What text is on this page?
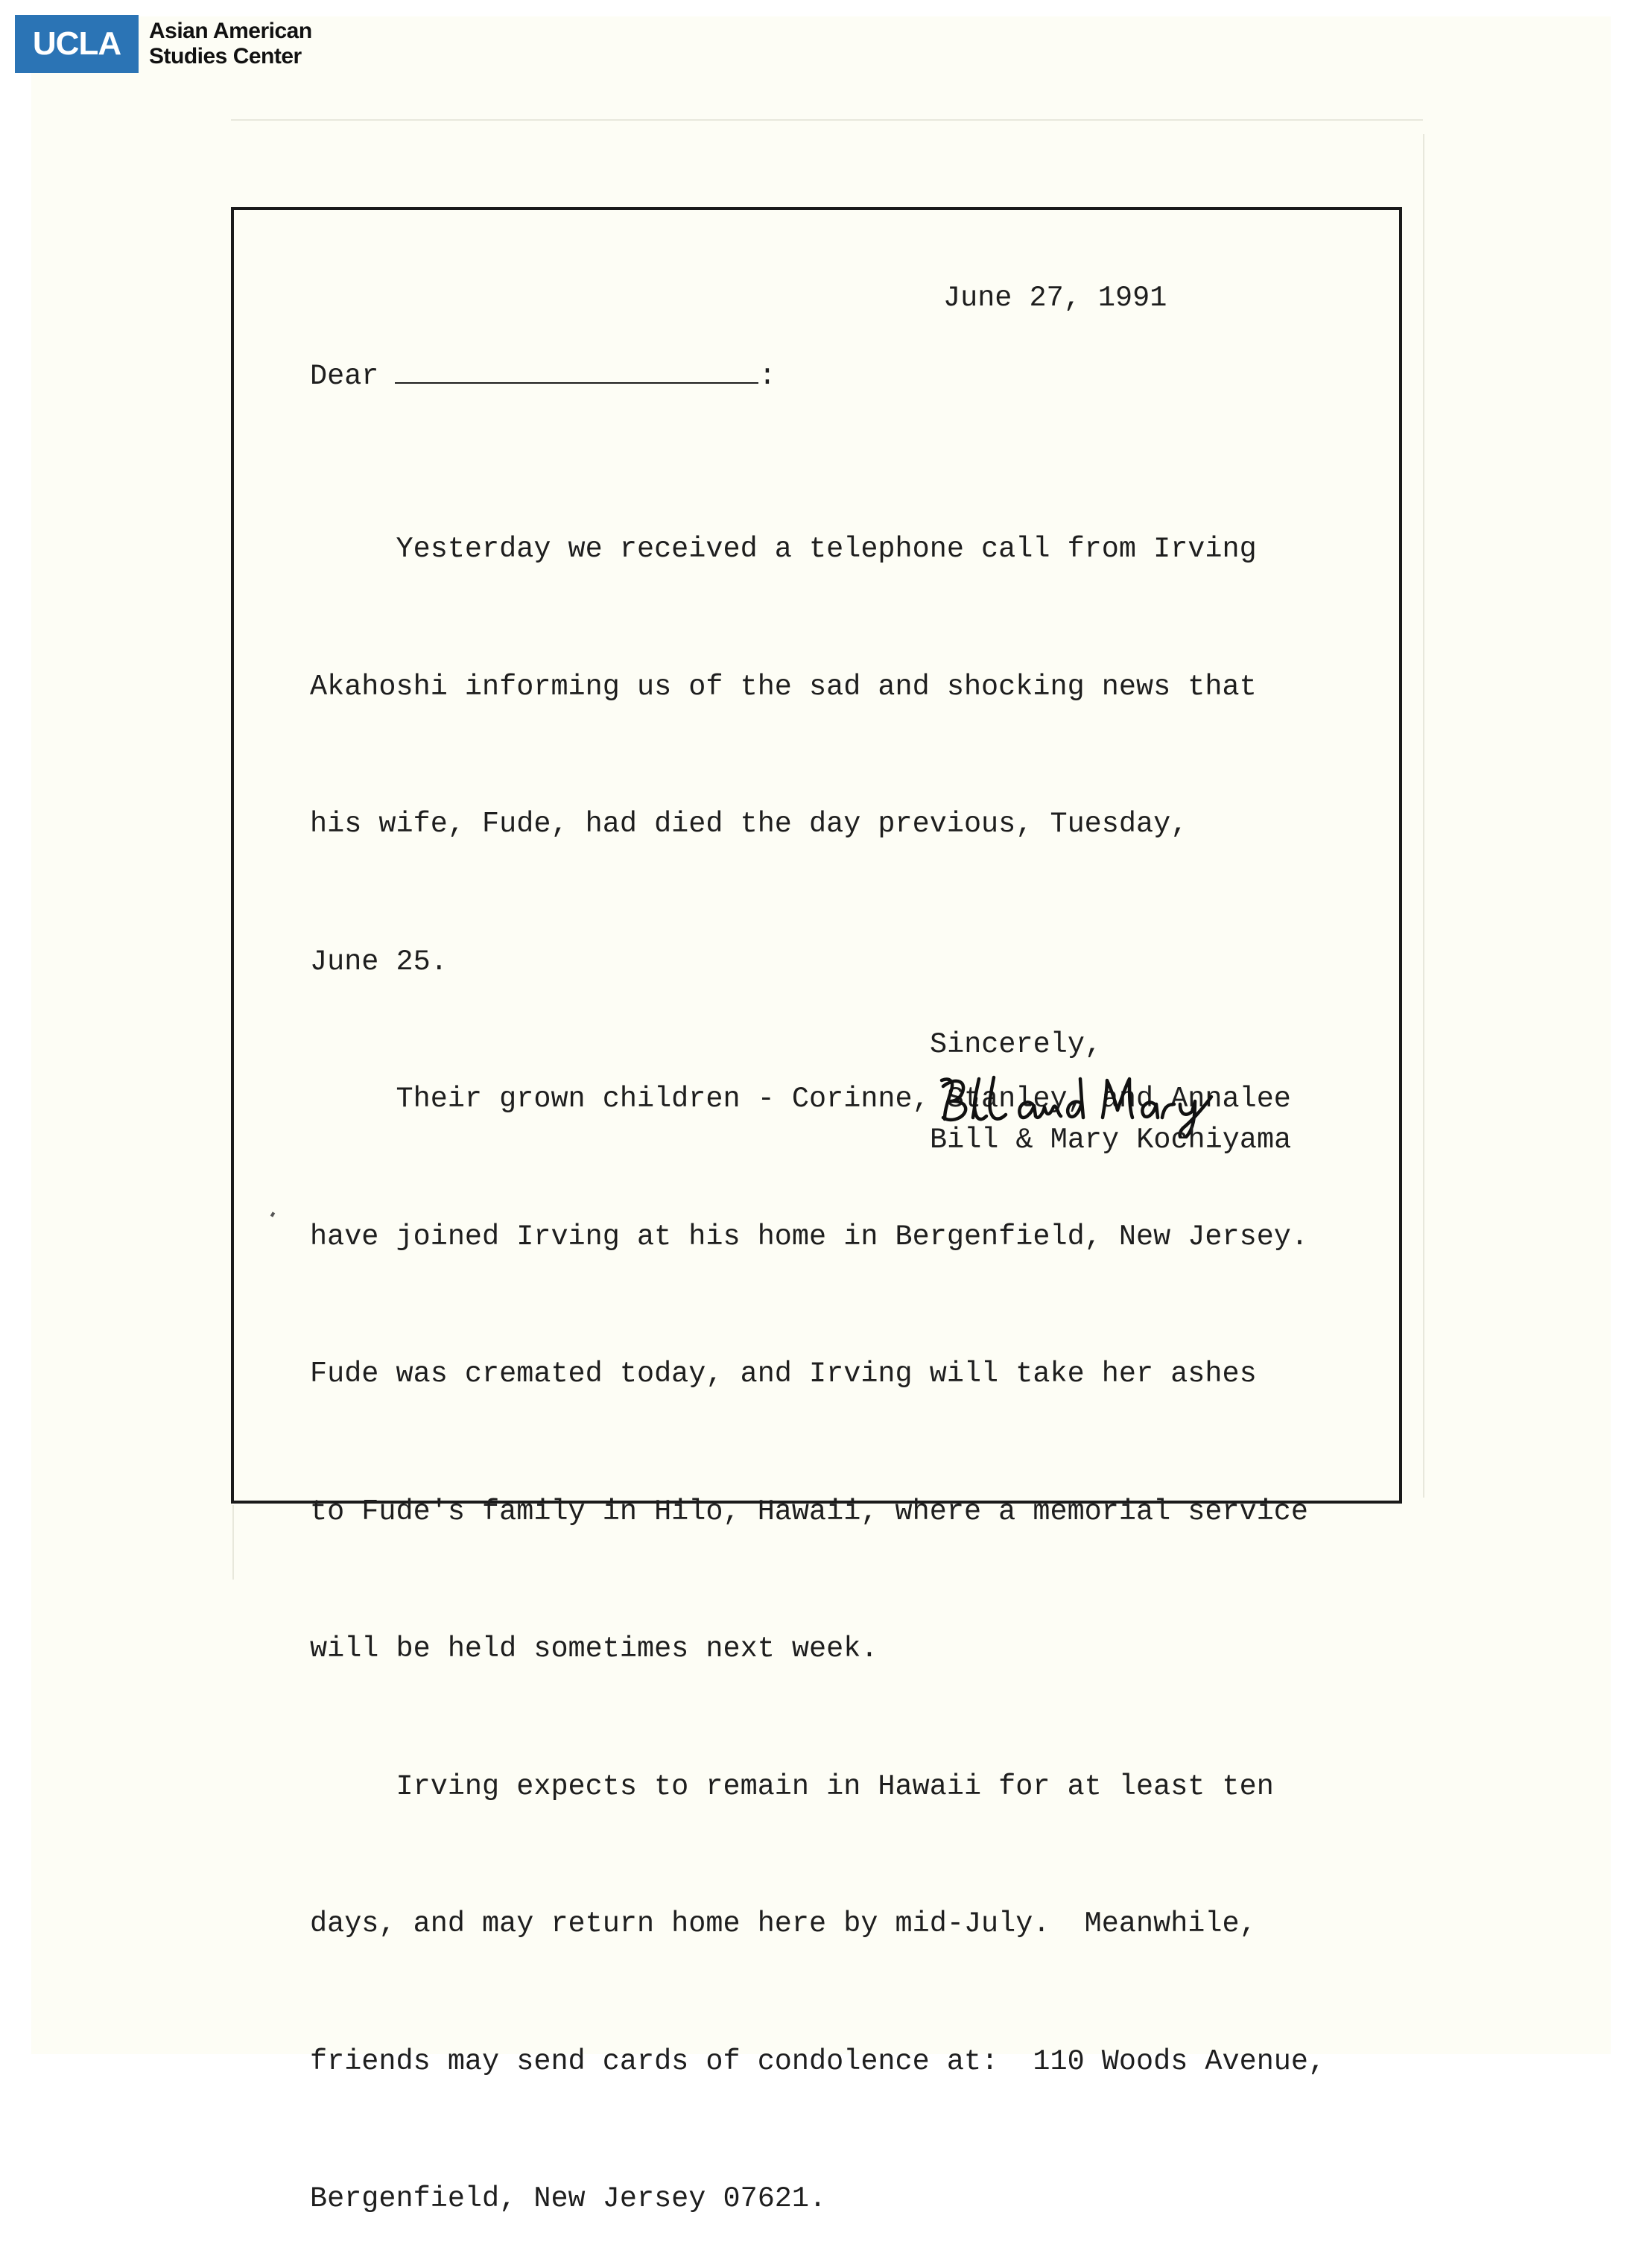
UCLA	Asian American
Studies Center
June 27, 1991
Dear	:

Yesterday we received a telephone call from Irving

Akahoshi informing us of the sad and shocking news that

his wife, Fude, had died the day previous, Tuesday,

June 25.

Their grown children - Corinne, Stanley, and Annalee

have joined Irving at his home in Bergenfield, New Jersey.

Fude was cremated today, and Irving will take her ashes

to Fude's family in Hilo, Hawaii, where a memorial service

will be held sometimes next week.

Irving expects to remain in Hawaii for at least ten

days, and may return home here by mid-July.  Meanwhile,

friends may send cards of condolence at:  110 Woods Avenue,

Bergenfield, New Jersey 07621.

Sincerely,
Bill & Mary Kochiyama
